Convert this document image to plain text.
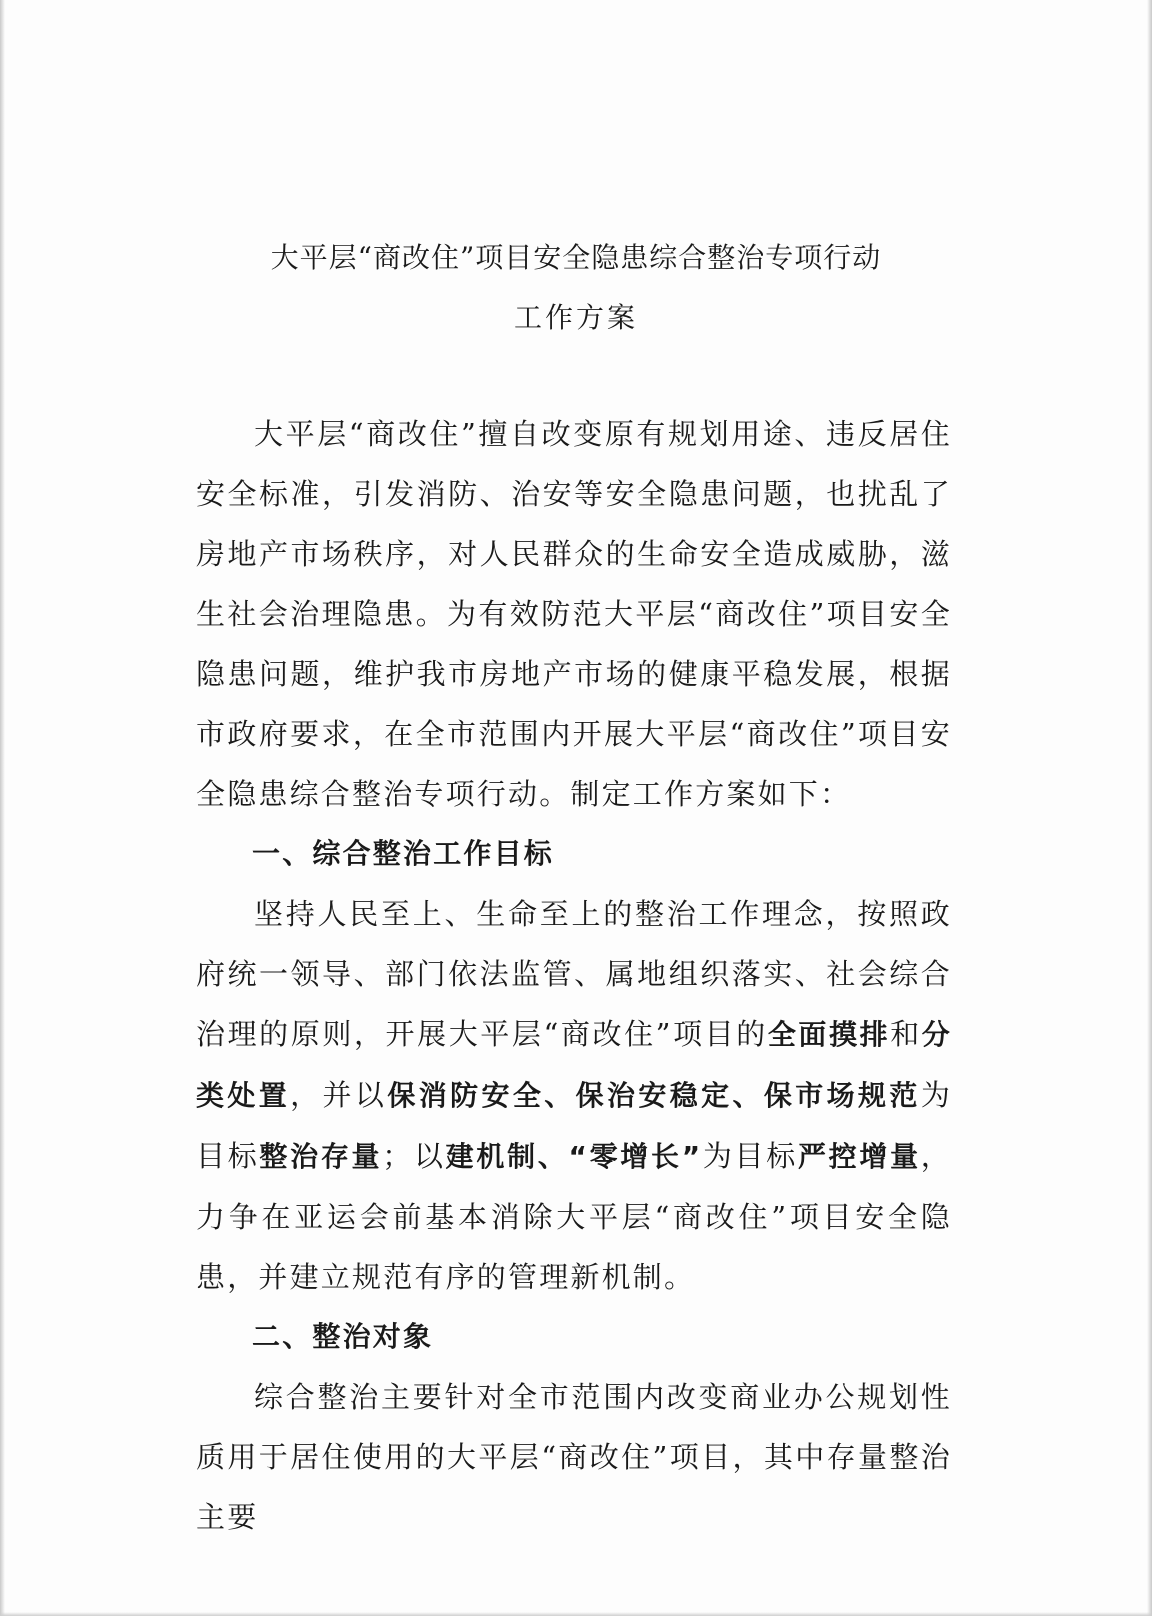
大平层“商改住”项目安全隐患综合整治专项行动
工作方案

大平层“商改住”擅自改变原有规划用途、违反居住安全标准，引发消防、治安等安全隐患问题，也扰乱了房地产市场秩序，对人民群众的生命安全造成威胁，滋生社会治理隐患。为有效防范大平层“商改住”项目安全隐患问题，维护我市房地产市场的健康平稳发展，根据市政府要求，在全市范围内开展大平层“商改住”项目安全隐患综合整治专项行动。制定工作方案如下：

一、综合整治工作目标

坚持人民至上、生命至上的整治工作理念，按照政府统一领导、部门依法监管、属地组织落实、社会综合治理的原则，开展大平层“商改住”项目的全面摸排和分类处置，并以保消防安全、保治安稳定、保市场规范为目标整治存量；以建机制、“零增长”为目标严控增量，力争在亚运会前基本消除大平层“商改住”项目安全隐患，并建立规范有序的管理新机制。

二、整治对象

综合整治主要针对全市范围内改变商业办公规划性质用于居住使用的大平层“商改住”项目，其中存量整治主要
